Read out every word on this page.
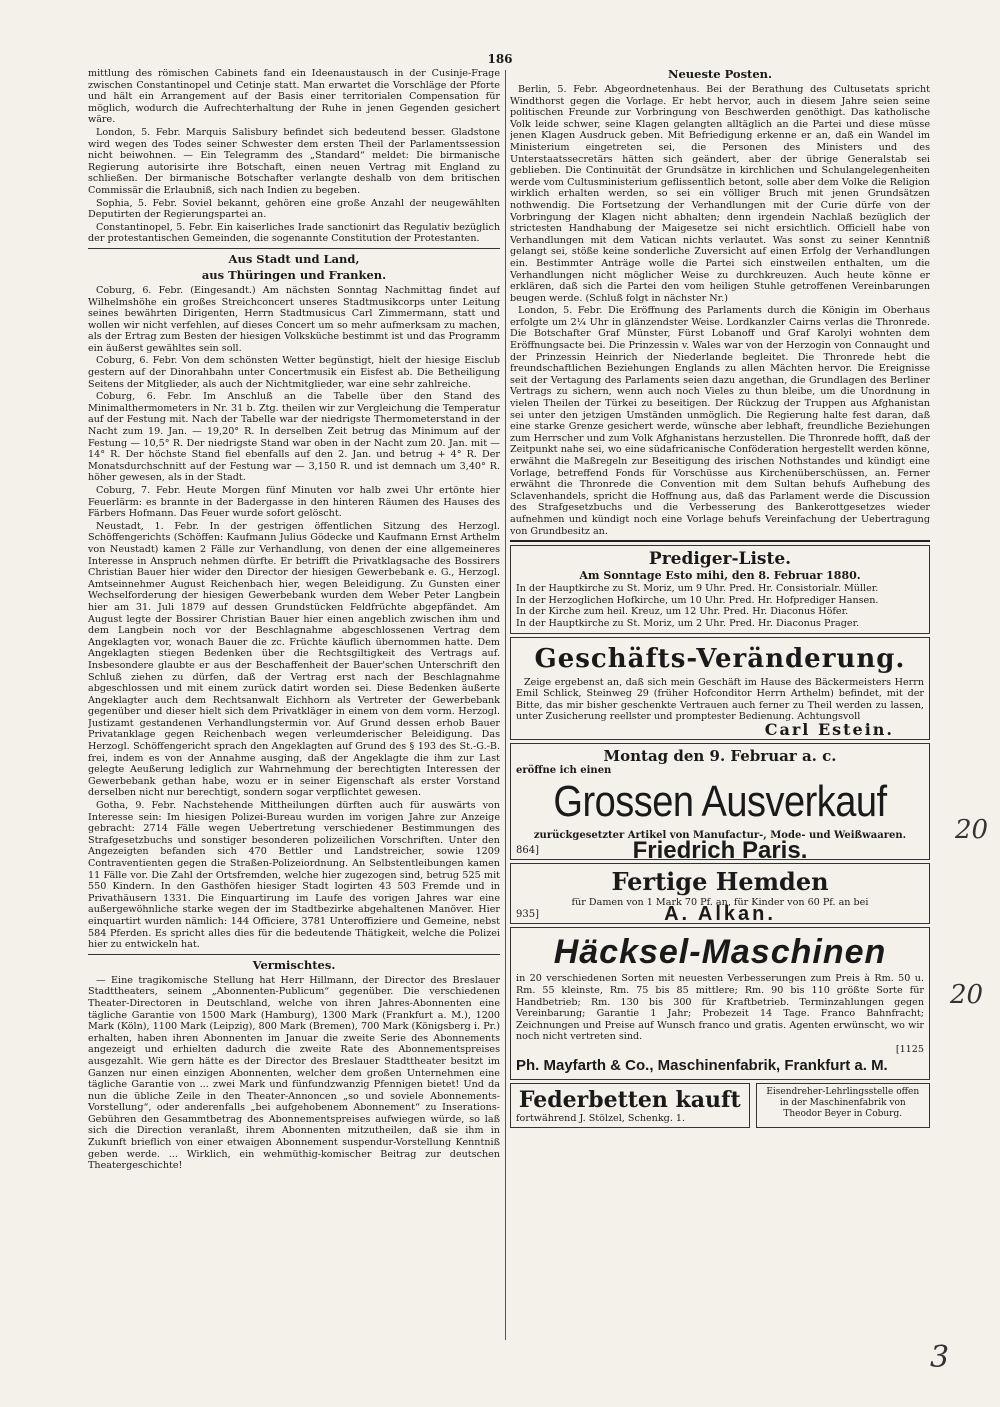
186

mittlung des römischen Cabinets fand ein Ideenaustausch in der Cusinje-Frage zwischen Constantinopel und Cetinje statt. Man erwartet die Vorschläge der Pforte und hält ein Arrangement auf der Basis einer territorialen Compensation für möglich, wodurch die Aufrechterhaltung der Ruhe in jenen Gegenden gesichert wäre.

London, 5. Febr. Marquis Salisbury befindet sich bedeutend besser. Gladstone wird wegen des Todes seiner Schwester dem ersten Theil der Parlamentssession nicht beiwohnen. — Ein Telegramm des „Standard“ meldet: Die birmanische Regierung autorisirte ihre Botschaft, einen neuen Vertrag mit England zu schließen. Der birmanische Botschafter verlangte deshalb von dem britischen Commissär die Erlaubniß, sich nach Indien zu begeben.

Sophia, 5. Febr. Soviel bekannt, gehören eine große Anzahl der neugewählten Deputirten der Regierungspartei an.

Constantinopel, 5. Febr. Ein kaiserliches Irade sanctionirt das Regulativ bezüglich der protestantischen Gemeinden, die sogenannte Constitution der Protestanten.

Aus Stadt und Land,
aus Thüringen und Franken.

Coburg, 6. Febr. (Eingesandt.) Am nächsten Sonntag Nachmittag findet auf Wilhelmshöhe ein großes Streichconcert unseres Stadtmusikcorps unter Leitung seines bewährten Dirigenten, Herrn Stadtmusicus Carl Zimmermann, statt und wollen wir nicht verfehlen, auf dieses Concert um so mehr aufmerksam zu machen, als der Ertrag zum Besten der hiesigen Volksküche bestimmt ist und das Programm ein äußerst gewähltes sein soll.

Coburg, 6. Febr. Von dem schönsten Wetter begünstigt, hielt der hiesige Eisclub gestern auf der Dinorahbahn unter Concertmusik ein Eisfest ab. Die Betheiligung Seitens der Mitglieder, als auch der Nichtmitglieder, war eine sehr zahlreiche.

Coburg, 6. Febr. Im Anschluß an die Tabelle über den Stand des Minimalthermometers in Nr. 31 b. Ztg. theilen wir zur Vergleichung die Temperatur auf der Festung mit. Nach der Tabelle war der niedrigste Thermometerstand in der Nacht zum 19. Jan. — 19,20° R. In derselben Zeit betrug das Minimum auf der Festung — 10,5° R. Der niedrigste Stand war oben in der Nacht zum 20. Jan. mit — 14° R. Der höchste Stand fiel ebenfalls auf den 2. Jan. und betrug + 4° R. Der Monatsdurchschnitt auf der Festung war — 3,150 R. und ist demnach um 3,40° R. höher gewesen, als in der Stadt.

Coburg, 7. Febr. Heute Morgen fünf Minuten vor halb zwei Uhr ertönte hier Feuerlärm: es brannte in der Badergasse in den hinteren Räumen des Hauses des Färbers Hofmann. Das Feuer wurde sofort gelöscht.

Neustadt, 1. Febr. In der gestrigen öffentlichen Sitzung des Herzogl. Schöffengerichts (Schöffen: Kaufmann Julius Gödecke und Kaufmann Ernst Arthelm von Neustadt) kamen 2 Fälle zur Verhandlung, von denen der eine allgemeineres Interesse in Anspruch nehmen dürfte. Er betrifft die Privatklagsache des Bossirers Christian Bauer hier wider den Director der hiesigen Gewerbebank e. G., Herzogl. Amtseinnehmer August Reichenbach hier, wegen Beleidigung. Zu Gunsten einer Wechselforderung der hiesigen Gewerbebank wurden dem Weber Peter Langbein hier am 31. Juli 1879 auf dessen Grundstücken Feldfrüchte abgepfändet. Am August legte der Bossirer Christian Bauer hier einen angeblich zwischen ihm und dem Langbein noch vor der Beschlagnahme abgeschlossenen Vertrag dem Angeklagten vor, wonach Bauer die zc. Früchte käuflich übernommen hatte. Dem Angeklagten stiegen Bedenken über die Rechtsgiltigkeit des Vertrags auf. Insbesondere glaubte er aus der Beschaffenheit der Bauer'schen Unterschrift den Schluß ziehen zu dürfen, daß der Vertrag erst nach der Beschlagnahme abgeschlossen und mit einem zurück datirt worden sei. Diese Bedenken äußerte Angeklagter auch dem Rechtsanwalt Eichhorn als Vertreter der Gewerbebank gegenüber und dieser hielt sich dem Privatkläger in einem von dem vorm. Herzogl. Justizamt gestandenen Verhandlungstermin vor. Auf Grund dessen erhob Bauer Privatanklage gegen Reichenbach wegen verleumderischer Beleidigung. Das Herzogl. Schöffengericht sprach den Angeklagten auf Grund des § 193 des St.-G.-B. frei, indem es von der Annahme ausging, daß der Angeklagte die ihm zur Last gelegte Aeußerung lediglich zur Wahrnehmung der berechtigten Interessen der Gewerbebank gethan habe, wozu er in seiner Eigenschaft als erster Vorstand derselben nicht nur berechtigt, sondern sogar verpflichtet gewesen.

Gotha, 9. Febr. Nachstehende Mittheilungen dürften auch für auswärts von Interesse sein: Im hiesigen Polizei-Bureau wurden im vorigen Jahre zur Anzeige gebracht: 2714 Fälle wegen Uebertretung verschiedener Bestimmungen des Strafgesetzbuchs und sonstiger besonderen polizeilichen Vorschriften. Unter den Angezeigten befanden sich 470 Bettler und Landstreicher, sowie 1209 Contraventienten gegen die Straßen-Polizeiordnung. An Selbstentleibungen kamen 11 Fälle vor. Die Zahl der Ortsfremden, welche hier zugezogen sind, betrug 525 mit 550 Kindern. In den Gasthöfen hiesiger Stadt logirten 43 503 Fremde und in Privathäusern 1331. Die Einquartirung im Laufe des vorigen Jahres war eine außergewöhnliche starke wegen der im Stadtbezirke abgehaltenen Manöver. Hier einquartirt wurden nämlich: 144 Officiere, 3781 Unteroffiziere und Gemeine, nebst 584 Pferden. Es spricht alles dies für die bedeutende Thätigkeit, welche die Polizei hier zu entwickeln hat.

Vermischtes.

— Eine tragikomische Stellung hat Herr Hillmann, der Director des Breslauer Stadttheaters, seinem „Abonnenten-Publicum“ gegenüber. Die verschiedenen Theater-Directoren in Deutschland, welche von ihren Jahres-Abonnenten eine tägliche Garantie von 1500 Mark (Hamburg), 1300 Mark (Frankfurt a. M.), 1200 Mark (Köln), 1100 Mark (Leipzig), 800 Mark (Bremen), 700 Mark (Königsberg i. Pr.) erhalten, haben ihren Abonnenten im Januar die zweite Serie des Abonnements angezeigt und erhielten dadurch die zweite Rate des Abonnementspreises ausgezahlt. Wie gern hätte es der Director des Breslauer Stadttheater besitzt im Ganzen nur einen einzigen Abonnenten, welcher dem großen Unternehmen eine tägliche Garantie von ... zwei Mark und fünfundzwanzig Pfennigen bietet! Und da nun die übliche Zeile in den Theater-Annoncen „so und soviele Abonnements-Vorstellung“, oder anderenfalls „bei aufgehobenem Abonnement“ zu Inserations-Gebühren den Gesammtbetrag des Abonnementspreises aufwiegen würde, so laß sich die Direction veranlaßt, ihrem Abonnenten mitzutheilen, daß sie ihm in Zukunft brieflich von einer etwaigen Abonnement suspendur-Vorstellung Kenntniß geben werde. ... Wirklich, ein wehmüthig-komischer Beitrag zur deutschen Theatergeschichte!

Neueste Posten.

Berlin, 5. Febr. Abgeordnetenhaus. Bei der Berathung des Cultusetats spricht Windthorst gegen die Vorlage. Er hebt hervor, auch in diesem Jahre seien seine politischen Freunde zur Vorbringung von Beschwerden genöthigt. Das katholische Volk leide schwer, seine Klagen gelangten alltäglich an die Partei und diese müsse jenen Klagen Ausdruck geben. Mit Befriedigung erkenne er an, daß ein Wandel im Ministerium eingetreten sei, die Personen des Ministers und des Unterstaatssecretärs hätten sich geändert, aber der übrige Generalstab sei geblieben. Die Continuität der Grundsätze in kirchlichen und Schulangelegenheiten werde vom Cultusministerium geflissentlich betont, solle aber dem Volke die Religion wirklich erhalten werden, so sei ein völliger Bruch mit jenen Grundsätzen nothwendig. Die Fortsetzung der Verhandlungen mit der Curie dürfe von der Vorbringung der Klagen nicht abhalten; denn irgendein Nachlaß bezüglich der strictesten Handhabung der Maigesetze sei nicht ersichtlich. Officiell habe von Verhandlungen mit dem Vatican nichts verlautet. Was sonst zu seiner Kenntniß gelangt sei, stöße keine sonderliche Zuversicht auf einen Erfolg der Verhandlungen ein. Bestimmter Anträge wolle die Partei sich einstweilen enthalten, um die Verhandlungen nicht möglicher Weise zu durchkreuzen. Auch heute könne er erklären, daß sich die Partei den vom heiligen Stuhle getroffenen Vereinbarungen beugen werde. (Schluß folgt in nächster Nr.)

London, 5. Febr. Die Eröffnung des Parlaments durch die Königin im Oberhaus erfolgte um 2¼ Uhr in glänzendster Weise. Lordkanzler Cairns verlas die Thronrede. Die Botschafter Graf Münster, Fürst Lobanoff und Graf Karolyi wohnten dem Eröffnungsacte bei. Die Prinzessin v. Wales war von der Herzogin von Connaught und der Prinzessin Heinrich der Niederlande begleitet. Die Thronrede hebt die freundschaftlichen Beziehungen Englands zu allen Mächten hervor. Die Ereignisse seit der Vertagung des Parlaments seien dazu angethan, die Grundlagen des Berliner Vertrags zu sichern, wenn auch noch Vieles zu thun bleibe, um die Unordnung in vielen Theilen der Türkei zu beseitigen. Der Rückzug der Truppen aus Afghanistan sei unter den jetzigen Umständen unmöglich. Die Regierung halte fest daran, daß eine starke Grenze gesichert werde, wünsche aber lebhaft, freundliche Beziehungen zum Herrscher und zum Volk Afghanistans herzustellen. Die Thronrede hofft, daß der Zeitpunkt nahe sei, wo eine südafricanische Conföderation hergestellt werden könne, erwähnt die Maßregeln zur Beseitigung des irischen Nothstandes und kündigt eine Vorlage, betreffend Fonds für Vorschüsse aus Kirchenüberschüssen, an. Ferner erwähnt die Thronrede die Convention mit dem Sultan behufs Aufhebung des Sclavenhandels, spricht die Hoffnung aus, daß das Parlament werde die Discussion des Strafgesetzbuchs und die Verbesserung des Bankerottgesetzes wieder aufnehmen und kündigt noch eine Vorlage behufs Vereinfachung der Uebertragung von Grundbesitz an.

Prediger-Liste.
Am Sonntage Esto mihi, den 8. Februar 1880.
In der Hauptkirche zu St. Moriz, um 9 Uhr. Pred. Hr. Consistorialr. Müller.
In der Herzoglichen Hofkirche, um 10 Uhr. Pred. Hr. Hofprediger Hansen.
In der Kirche zum heil. Kreuz, um 12 Uhr. Pred. Hr. Diaconus Höfer.
In der Hauptkirche zu St. Moriz, um 2 Uhr. Pred. Hr. Diaconus Prager.
Geschäfts-Veränderung.

Zeige ergebenst an, daß sich mein Geschäft im Hause des Bäckermeisters Herrn Emil Schlick, Steinweg 29 (früher Hofconditor Herrn Arthelm) befindet, mit der Bitte, das mir bisher geschenkte Vertrauen auch ferner zu Theil werden zu lassen, unter Zusicherung reellster und promptester Bedienung. Achtungsvoll

Carl Estein.
Montag den 9. Februar a. c.
eröffne ich einen
Grossen Ausverkauf
zurückgesetzter Artikel von Manufactur-, Mode- und Weißwaaren.
864]	Friedrich Paris.
Fertige Hemden
für Damen von 1 Mark 70 Pf. an, für Kinder von 60 Pf. an bei
935]	A. Alkan.
Häcksel-Maschinen

in 20 verschiedenen Sorten mit neuesten Verbesserungen zum Preis à Rm. 50 u. Rm. 55 kleinste, Rm. 75 bis 85 mittlere; Rm. 90 bis 110 größte Sorte für Handbetrieb; Rm. 130 bis 300 für Kraftbetrieb. Terminzahlungen gegen Vereinbarung; Garantie 1 Jahr; Probezeit 14 Tage. Franco Bahnfracht; Zeichnungen und Preise auf Wunsch franco und gratis. Agenten erwünscht, wo wir noch nicht vertreten sind.

[1125
Ph. Mayfarth & Co., Maschinenfabrik, Frankfurt a. M.
Federbetten kauft
fortwährend J. Stölzel, Schenkg. 1.
Eisendreher-Lehrlingsstelle offen in der Maschinenfabrik von Theodor Beyer in Coburg.
20
20
3
